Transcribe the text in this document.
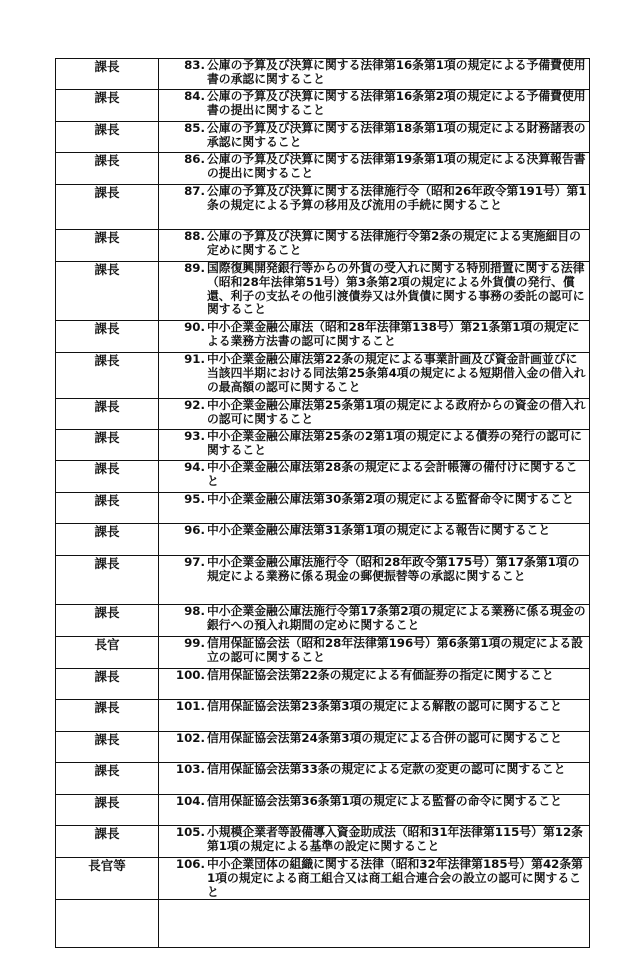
課長	83. 公庫の予算及び決算に関する法律第16条第1項の規定による予備費使用書の承認に関すること

課長	84. 公庫の予算及び決算に関する法律第16条第2項の規定による予備費使用書の提出に関すること

課長	85. 公庫の予算及び決算に関する法律第18条第1項の規定による財務諸表の承認に関すること

課長	86. 公庫の予算及び決算に関する法律第19条第1項の規定による決算報告書の提出に関すること

課長	87. 公庫の予算及び決算に関する法律施行令（昭和26年政令第191号）第1条の規定による予算の移用及び流用の手続に関すること

課長	88. 公庫の予算及び決算に関する法律施行令第2条の規定による実施細目の定めに関すること

課長	89. 国際復興開発銀行等からの外貨の受入れに関する特別措置に関する法律（昭和28年法律第51号）第3条第2項の規定による外貨債の発行、償還、利子の支払その他引渡債券又は外貨債に関する事務の委託の認可に関すること

課長	90. 中小企業金融公庫法（昭和28年法律第138号）第21条第1項の規定による業務方法書の認可に関すること

課長	91. 中小企業金融公庫法第22条の規定による事業計画及び資金計画並びに当該四半期における同法第25条第4項の規定による短期借入金の借入れの最高額の認可に関すること

課長	92. 中小企業金融公庫法第25条第1項の規定による政府からの資金の借入れの認可に関すること

課長	93. 中小企業金融公庫法第25条の2第1項の規定による債券の発行の認可に関すること

課長	94. 中小企業金融公庫法第28条の規定による会計帳簿の備付けに関すること

課長	95. 中小企業金融公庫法第30条第2項の規定による監督命令に関すること

課長	96. 中小企業金融公庫法第31条第1項の規定による報告に関すること

課長	97. 中小企業金融公庫法施行令（昭和28年政令第175号）第17条第1項の規定による業務に係る現金の郵便振替等の承認に関すること

課長	98. 中小企業金融公庫法施行令第17条第2項の規定による業務に係る現金の銀行への預入れ期間の定めに関すること

長官	99. 信用保証協会法（昭和28年法律第196号）第6条第1項の規定による設立の認可に関すること

課長	100. 信用保証協会法第22条の規定による有価証券の指定に関すること

課長	101. 信用保証協会法第23条第3項の規定による解散の認可に関すること

課長	102. 信用保証協会法第24条第3項の規定による合併の認可に関すること

課長	103. 信用保証協会法第33条の規定による定款の変更の認可に関すること

課長	104. 信用保証協会法第36条第1項の規定による監督の命令に関すること

課長	105. 小規模企業者等設備導入資金助成法（昭和31年法律第115号）第12条第1項の規定による基準の設定に関すること

長官等	106. 中小企業団体の組織に関する法律（昭和32年法律第185号）第42条第1項の規定による商工組合又は商工組合連合会の設立の認可に関すること
